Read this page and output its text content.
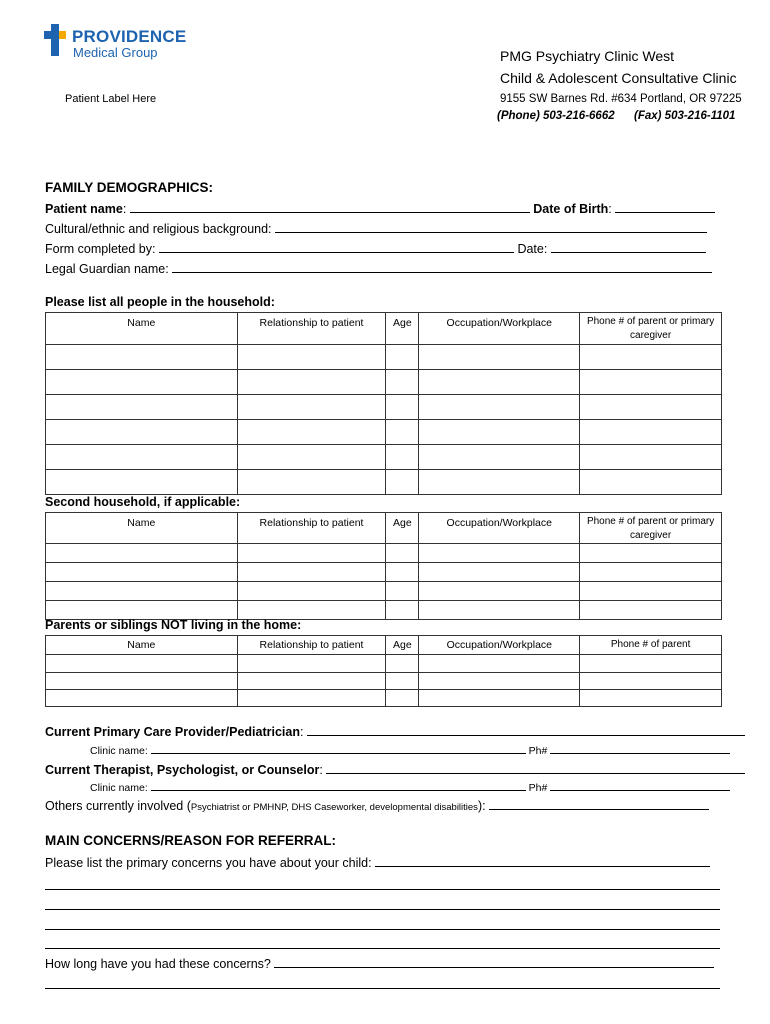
PROVIDENCE
Medical Group	PMG Psychiatry Clinic West
Child & Adolescent Consultative Clinic
9155 SW Barnes Rd. #634 Portland, OR 97225
(Phone) 503-216-6662 (Fax) 503-216-1101
Patient Label Here
FAMILY DEMOGRAPHICS:
Patient name:	Date of Birth:
Cultural/ethnic and religious background:
Form completed by:	Date:
Legal Guardian name:
Please list all people in the household:
Name	Relationship to patient	Age	Occupation/Workplace	Phone # of parent or primary caregiver

Second household, if applicable:
Name	Relationship to patient	Age	Occupation/Workplace	Phone # of parent or primary caregiver

Parents or siblings NOT living in the home:
Name	Relationship to patient	Age	Occupation/Workplace	Phone # of parent

Current Primary Care Provider/Pediatrician:
Clinic name:	Ph#
Current Therapist, Psychologist, or Counselor:
Clinic name:	Ph#
Others currently involved (Psychiatrist or PMHNP, DHS Caseworker, developmental disabilities):
MAIN CONCERNS/REASON FOR REFERRAL:
Please list the primary concerns you have about your child:
How long have you had these concerns?
